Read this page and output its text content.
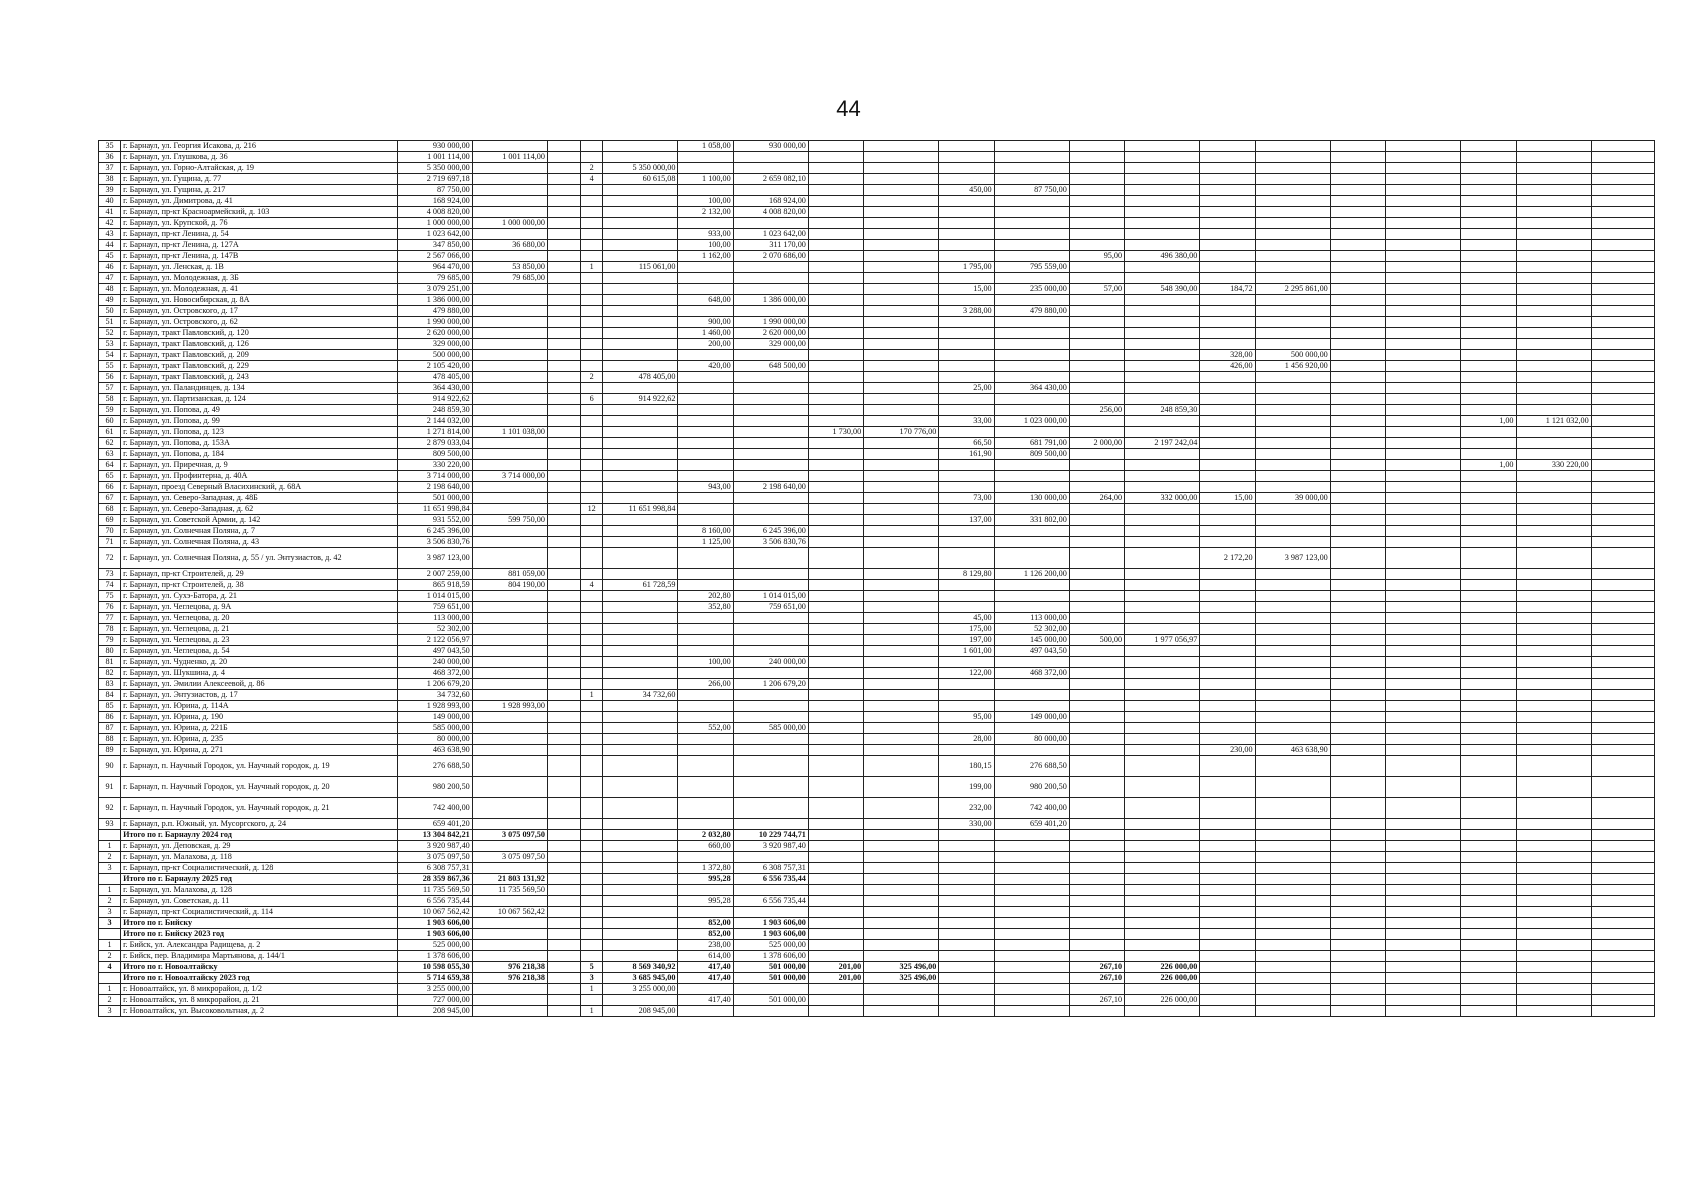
44
35	г. Барнаул, ул. Георгия Исакова, д. 216	930 000,00					1 058,00	930 000,00													
36	г. Барнаул, ул. Глушкова, д. 36	1 001 114,00	1 001 114,00																		
37	г. Барнаул, ул. Горно-Алтайская, д. 19	5 350 000,00			2	5 350 000,00															
38	г. Барнаул, ул. Гущина, д. 77	2 719 697,18			4	60 615,08	1 100,00	2 659 082,10													
39	г. Барнаул, ул. Гущина, д. 217	87 750,00									450,00	87 750,00									
40	г. Барнаул, ул. Димитрова, д. 41	168 924,00					100,00	168 924,00													
41	г. Барнаул, пр-кт Красноармейский, д. 103	4 008 820,00					2 132,00	4 008 820,00													
42	г. Барнаул, ул. Крупской, д. 76	1 000 000,00	1 000 000,00																		
43	г. Барнаул, пр-кт Ленина, д. 54	1 023 642,00					933,00	1 023 642,00													
44	г. Барнаул, пр-кт Ленина, д. 127А	347 850,00	36 680,00				100,00	311 170,00													
45	г. Барнаул, пр-кт Ленина, д. 147В	2 567 066,00					1 162,00	2 070 686,00					95,00	496 380,00							
46	г. Барнаул, ул. Ленская, д. 1В	964 470,00	53 850,00		1	115 061,00					1 795,00	795 559,00									
47	г. Барнаул, ул. Молодежная, д. 3Б	79 685,00	79 685,00																		
48	г. Барнаул, ул. Молодежная, д. 41	3 079 251,00									15,00	235 000,00	57,00	548 390,00	184,72	2 295 861,00					
49	г. Барнаул, ул. Новосибирская, д. 8А	1 386 000,00					648,00	1 386 000,00													
50	г. Барнаул, ул. Островского, д. 17	479 880,00									3 288,00	479 880,00									
51	г. Барнаул, ул. Островского, д. 62	1 990 000,00					900,00	1 990 000,00													
52	г. Барнаул, тракт Павловский, д. 120	2 620 000,00					1 460,00	2 620 000,00													
53	г. Барнаул, тракт Павловский, д. 126	329 000,00					200,00	329 000,00													
54	г. Барнаул, тракт Павловский, д. 209	500 000,00													328,00	500 000,00					
55	г. Барнаул, тракт Павловский, д. 229	2 105 420,00					420,00	648 500,00							426,00	1 456 920,00					
56	г. Барнаул, тракт Павловский, д. 243	478 405,00			2	478 405,00															
57	г. Барнаул, ул. Паландинцев, д. 134	364 430,00									25,00	364 430,00									
58	г. Барнаул, ул. Партизанская, д. 124	914 922,62			6	914 922,62															
59	г. Барнаул, ул. Попова, д. 49	248 859,30											256,00	248 859,30							
60	г. Барнаул, ул. Попова, д. 99	2 144 032,00									33,00	1 023 000,00							1,00	1 121 032,00	
61	г. Барнаул, ул. Попова, д. 123	1 271 814,00	1 101 038,00						1 730,00	170 776,00											
62	г. Барнаул, ул. Попова, д. 153А	2 879 033,04									66,50	681 791,00	2 000,00	2 197 242,04							
63	г. Барнаул, ул. Попова, д. 184	809 500,00									161,90	809 500,00									
64	г. Барнаул, ул. Приречная, д. 9	330 220,00																	1,00	330 220,00	
65	г. Барнаул, ул. Профинтерна, д. 40А	3 714 000,00	3 714 000,00																		
66	г. Барнаул, проезд Северный Власихинский, д. 68А	2 198 640,00					943,00	2 198 640,00													
67	г. Барнаул, ул. Северо-Западная, д. 48Б	501 000,00									73,00	130 000,00	264,00	332 000,00	15,00	39 000,00					
68	г. Барнаул, ул. Северо-Западная, д. 62	11 651 998,84			12	11 651 998,84															
69	г. Барнаул, ул. Советской Армии, д. 142	931 552,00	599 750,00								137,00	331 802,00									
70	г. Барнаул, ул. Солнечная Поляна, д. 7	6 245 396,00					8 160,00	6 245 396,00													
71	г. Барнаул, ул. Солнечная Поляна, д. 43	3 506 830,76					1 125,00	3 506 830,76													
72	г. Барнаул, ул. Солнечная Поляна, д. 55 / ул. Энтузиастов, д. 42	3 987 123,00													2 172,20	3 987 123,00					
73	г. Барнаул, пр-кт Строителей, д. 29	2 007 259,00	881 059,00								8 129,80	1 126 200,00									
74	г. Барнаул, пр-кт Строителей, д. 38	865 918,59	804 190,00		4	61 728,59															
75	г. Барнаул, ул. Сухэ-Батора, д. 21	1 014 015,00					202,80	1 014 015,00													
76	г. Барнаул, ул. Чеглецова, д. 9А	759 651,00					352,80	759 651,00													
77	г. Барнаул, ул. Чеглецова, д. 20	113 000,00									45,00	113 000,00									
78	г. Барнаул, ул. Чеглецова, д. 21	52 302,00									175,00	52 302,00									
79	г. Барнаул, ул. Чеглецова, д. 23	2 122 056,97									197,00	145 000,00	500,00	1 977 056,97							
80	г. Барнаул, ул. Чеглецова, д. 54	497 043,50									1 601,00	497 043,50									
81	г. Барнаул, ул. Чудненко, д. 20	240 000,00					100,00	240 000,00													
82	г. Барнаул, ул. Шукшина, д. 4	468 372,00									122,00	468 372,00									
83	г. Барнаул, ул. Эмилии Алексеевой, д. 86	1 206 679,20					266,00	1 206 679,20													
84	г. Барнаул, ул. Энтузиастов, д. 17	34 732,60			1	34 732,60															
85	г. Барнаул, ул. Юрина, д. 114А	1 928 993,00	1 928 993,00																		
86	г. Барнаул, ул. Юрина, д. 190	149 000,00									95,00	149 000,00									
87	г. Барнаул, ул. Юрина, д. 221Б	585 000,00					552,00	585 000,00													
88	г. Барнаул, ул. Юрина, д. 235	80 000,00									28,00	80 000,00									
89	г. Барнаул, ул. Юрина, д. 271	463 638,90													230,00	463 638,90					
90	г. Барнаул, п. Научный Городок, ул. Научный городок, д. 19	276 688,50									180,15	276 688,50									
91	г. Барнаул, п. Научный Городок, ул. Научный городок, д. 20	980 200,50									199,00	980 200,50									
92	г. Барнаул, п. Научный Городок, ул. Научный городок, д. 21	742 400,00									232,00	742 400,00									
93	г. Барнаул, р.п. Южный, ул. Мусоргского, д. 24	659 401,20									330,00	659 401,20									
	Итого по г. Барнаулу 2024 год	13 304 842,21	3 075 097,50				2 032,80	10 229 744,71													
1	г. Барнаул, ул. Деповская, д. 29	3 920 987,40					660,00	3 920 987,40													
2	г. Барнаул, ул. Малахова, д. 118	3 075 097,50	3 075 097,50																		
3	г. Барнаул, пр-кт Социалистический, д. 128	6 308 757,31					1 372,80	6 308 757,31													
	Итого по г. Барнаулу 2025 год	28 359 867,36	21 803 131,92				995,28	6 556 735,44													
1	г. Барнаул, ул. Малахова, д. 128	11 735 569,50	11 735 569,50																		
2	г. Барнаул, ул. Советская, д. 11	6 556 735,44					995,28	6 556 735,44													
3	г. Барнаул, пр-кт Социалистический, д. 114	10 067 562,42	10 067 562,42																		
3	Итого по г. Бийску	1 903 606,00					852,00	1 903 606,00													
	Итого по г. Бийску 2023 год	1 903 606,00					852,00	1 903 606,00													
1	г. Бийск, ул. Александра Радищева, д. 2	525 000,00					238,00	525 000,00													
2	г. Бийск, пер. Владимира Мартьянова, д. 144/1	1 378 606,00					614,00	1 378 606,00													
4	Итого по г. Новоалтайску	10 598 055,30	976 218,38		5	8 569 340,92	417,40	501 000,00	201,00	325 496,00			267,10	226 000,00							
	Итого по г. Новоалтайску 2023 год	5 714 659,38	976 218,38		3	3 685 945,00	417,40	501 000,00	201,00	325 496,00			267,10	226 000,00							
1	г. Новоалтайск, ул. 8 микрорайон, д. 1/2	3 255 000,00			1	3 255 000,00															
2	г. Новоалтайск, ул. 8 микрорайон, д. 21	727 000,00					417,40	501 000,00					267,10	226 000,00							
3	г. Новоалтайск, ул. Высоковольтная, д. 2	208 945,00			1	208 945,00															
